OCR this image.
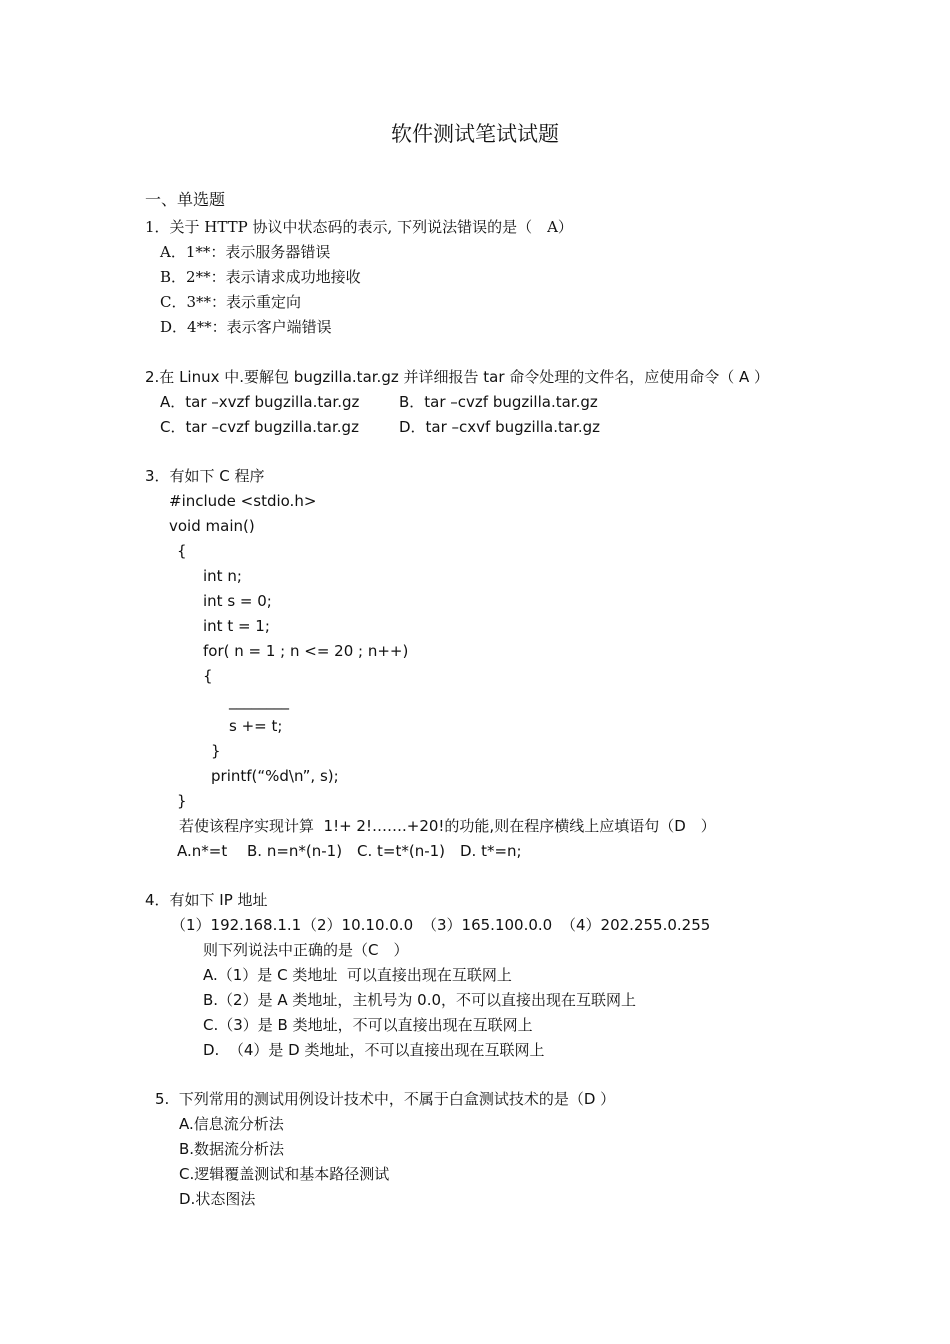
软件测试笔试试题
一、单选题
1．关于 HTTP 协议中状态码的表示, 下列说法错误的是（　A）
A．1**：表示服务器错误
B．2**：表示请求成功地接收
C．3**：表示重定向
D．4**：表示客户端错误
2.在 Linux 中.要解包 bugzilla.tar.gz 并详细报告 tar 命令处理的文件名，应使用命令（ A ）
A．tar –xvzf bugzilla.tar.gz	B．tar –cvzf bugzilla.tar.gz
C．tar –cvzf bugzilla.tar.gz	D．tar –cxvf bugzilla.tar.gz
3．有如下 C 程序
#include <stdio.h>
void main()
{
int n;
int s = 0;
int t = 1;
for( n = 1 ; n <= 20 ; n++)
{
________
s += t;
}
printf(“%d\n”, s);
}
若使该程序实现计算  1!+ 2!…….+20!的功能,则在程序横线上应填语句（D　）
A.n*=t B. n=n*(n-1) C. t=t*(n-1) D. t*=n;
4．有如下 IP 地址
（1）192.168.1.1 （2）10.10.0.0 （3）165.100.0.0 （4）202.255.0.255
则下列说法中正确的是（C　）
A.（1）是 C 类地址  可以直接出现在互联网上
B.（2）是 A 类地址，主机号为 0.0，不可以直接出现在互联网上
C.（3）是 B 类地址，不可以直接出现在互联网上
D.  （4）是 D 类地址，不可以直接出现在互联网上
5.  下列常用的测试用例设计技术中，不属于白盒测试技术的是（D ）
A.信息流分析法
B.数据流分析法
C.逻辑覆盖测试和基本路径测试
D.状态图法
